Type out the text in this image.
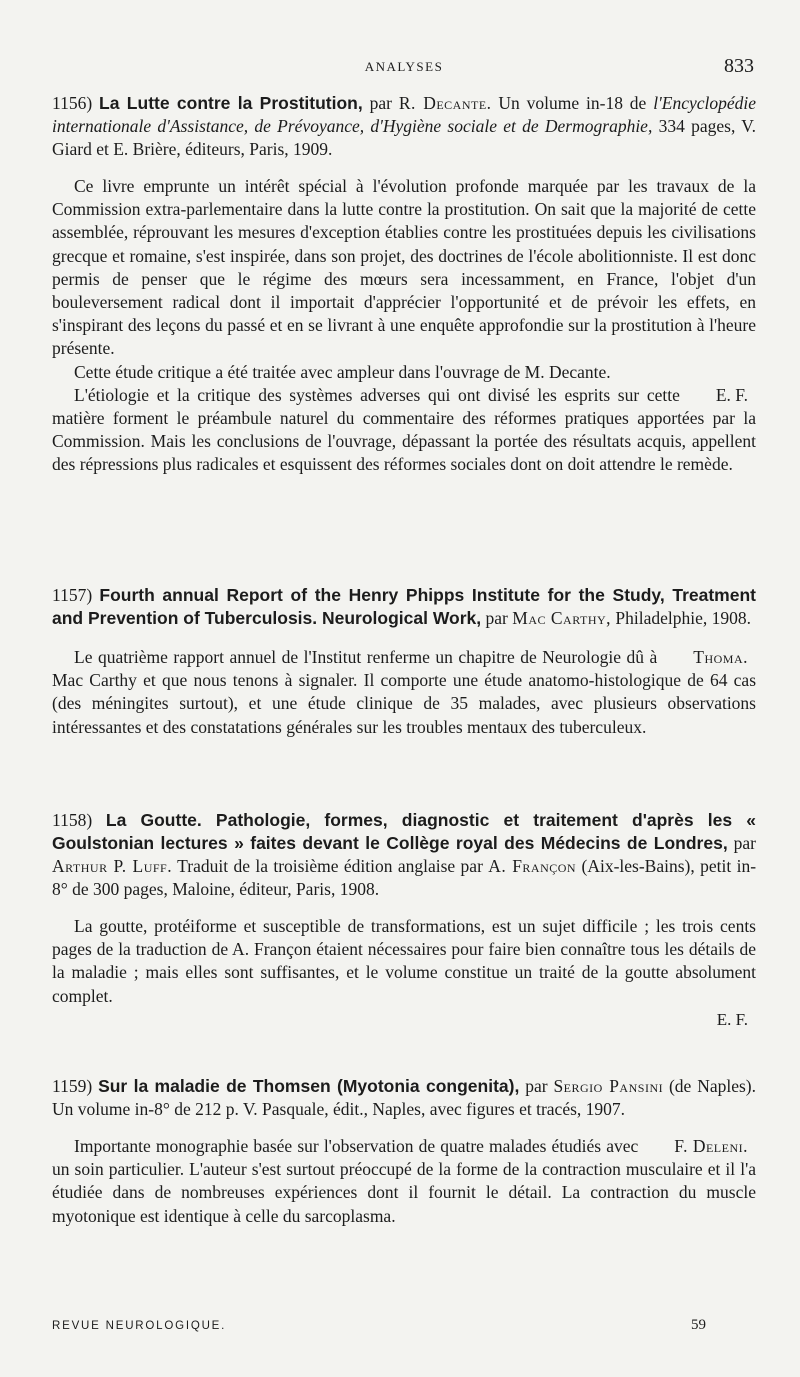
ANALYSES	833

1156) La Lutte contre la Prostitution, par R. Decante. Un volume in-18 de l'Encyclopédie internationale d'Assistance, de Prévoyance, d'Hygiène sociale et de Dermographie, 334 pages, V. Giard et E. Brière, éditeurs, Paris, 1909.

Ce livre emprunte un intérêt spécial à l'évolution profonde marquée par les travaux de la Commission extra-parlementaire dans la lutte contre la prostitution. On sait que la majorité de cette assemblée, réprouvant les mesures d'exception établies contre les prostituées depuis les civilisations grecque et romaine, s'est inspirée, dans son projet, des doctrines de l'école abolitionniste. Il est donc permis de penser que le régime des mœurs sera incessamment, en France, l'objet d'un bouleversement radical dont il importait d'apprécier l'opportunité et de prévoir les effets, en s'inspirant des leçons du passé et en se livrant à une enquête approfondie sur la prostitution à l'heure présente.

Cette étude critique a été traitée avec ampleur dans l'ouvrage de M. Decante.

E. F.
L'étiologie et la critique des systèmes adverses qui ont divisé les esprits sur cette matière forment le préambule naturel du commentaire des réformes pratiques apportées par la Commission. Mais les conclusions de l'ouvrage, dépassant la portée des résultats acquis, appellent des répressions plus radicales et esquissent des réformes sociales dont on doit attendre le remède.

1157) Fourth annual Report of the Henry Phipps Institute for the Study, Treatment and Prevention of Tuberculosis. Neurological Work, par Mac Carthy, Philadelphie, 1908.

Thoma.
Le quatrième rapport annuel de l'Institut renferme un chapitre de Neurologie dû à Mac Carthy et que nous tenons à signaler. Il comporte une étude anatomo-histologique de 64 cas (des méningites surtout), et une étude clinique de 35 malades, avec plusieurs observations intéressantes et des constatations générales sur les troubles mentaux des tuberculeux.

1158) La Goutte. Pathologie, formes, diagnostic et traitement d'après les « Goulstonian lectures » faites devant le Collège royal des Médecins de Londres, par Arthur P. Luff. Traduit de la troisième édition anglaise par A. Françon (Aix-les-Bains), petit in-8° de 300 pages, Maloine, éditeur, Paris, 1908.

La goutte, protéiforme et susceptible de transformations, est un sujet difficile ; les trois cents pages de la traduction de A. Françon étaient nécessaires pour faire bien connaître tous les détails de la maladie ; mais elles sont suffisantes, et le volume constitue un traité de la goutte absolument complet.

E. F.

1159) Sur la maladie de Thomsen (Myotonia congenita), par Sergio Pansini (de Naples). Un volume in-8° de 212 p. V. Pasquale, édit., Naples, avec figures et tracés, 1907.

F. Deleni.
Importante monographie basée sur l'observation de quatre malades étudiés avec un soin particulier. L'auteur s'est surtout préoccupé de la forme de la contraction musculaire et il l'a étudiée dans de nombreuses expériences dont il fournit le détail. La contraction du muscle myotonique est identique à celle du sarcoplasma.

REVUE NEUROLOGIQUE.	59
